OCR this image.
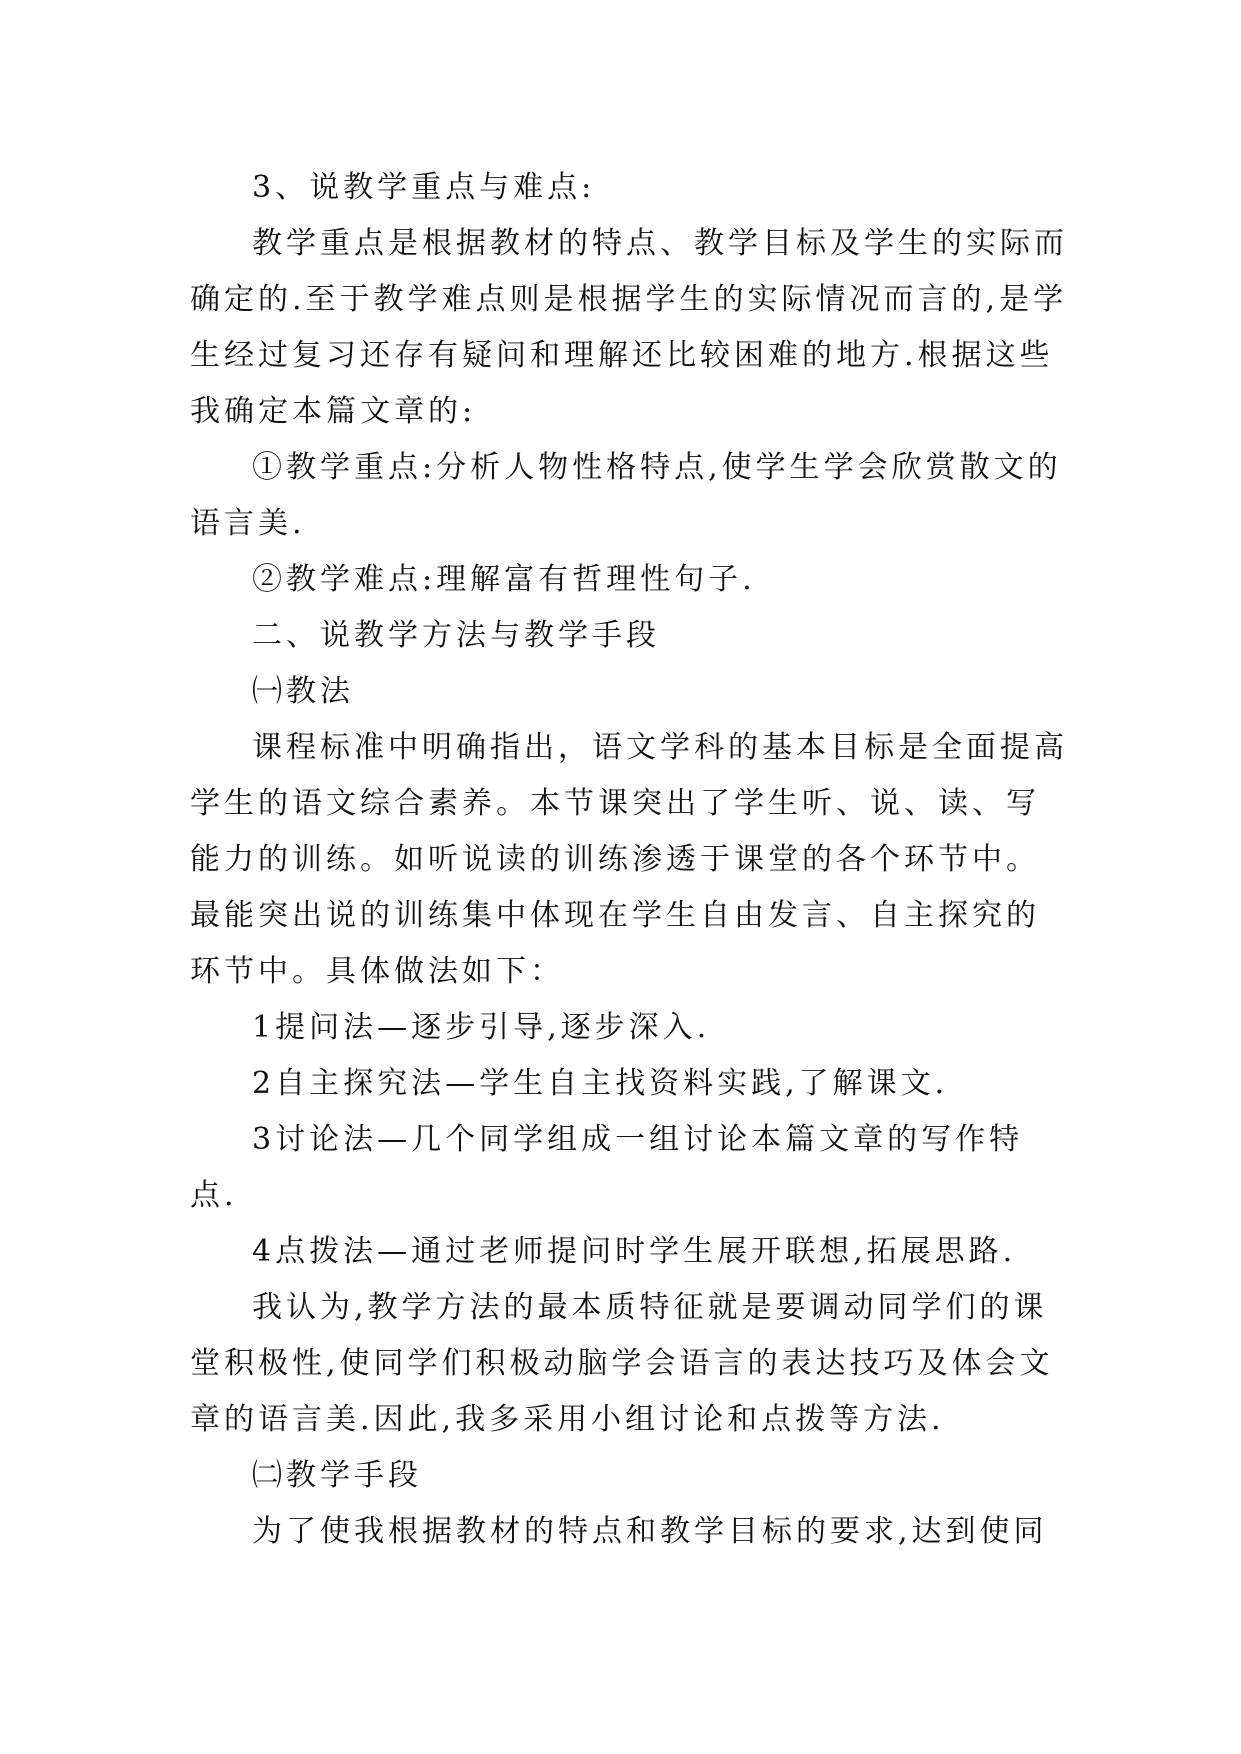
3、说教学重点与难点:

教学重点是根据教材的特点、教学目标及学生的实际而确定的.至于教学难点则是根据学生的实际情况而言的,是学生经过复习还存有疑问和理解还比较困难的地方.根据这些我确定本篇文章的:

①教学重点:分析人物性格特点,使学生学会欣赏散文的语言美.

②教学难点:理解富有哲理性句子.

二、说教学方法与教学手段

㈠教法

课程标准中明确指出，语文学科的基本目标是全面提高学生的语文综合素养。本节课突出了学生听、说、读、写能力的训练。如听说读的训练渗透于课堂的各个环节中。最能突出说的训练集中体现在学生自由发言、自主探究的环节中。具体做法如下：

1提问法—逐步引导,逐步深入.

2自主探究法—学生自主找资料实践,了解课文.

3讨论法—几个同学组成一组讨论本篇文章的写作特点.

4点拨法—通过老师提问时学生展开联想,拓展思路.

我认为,教学方法的最本质特征就是要调动同学们的课堂积极性,使同学们积极动脑学会语言的表达技巧及体会文章的语言美.因此,我多采用小组讨论和点拨等方法.

㈡教学手段

为了使我根据教材的特点和教学目标的要求,达到使同
